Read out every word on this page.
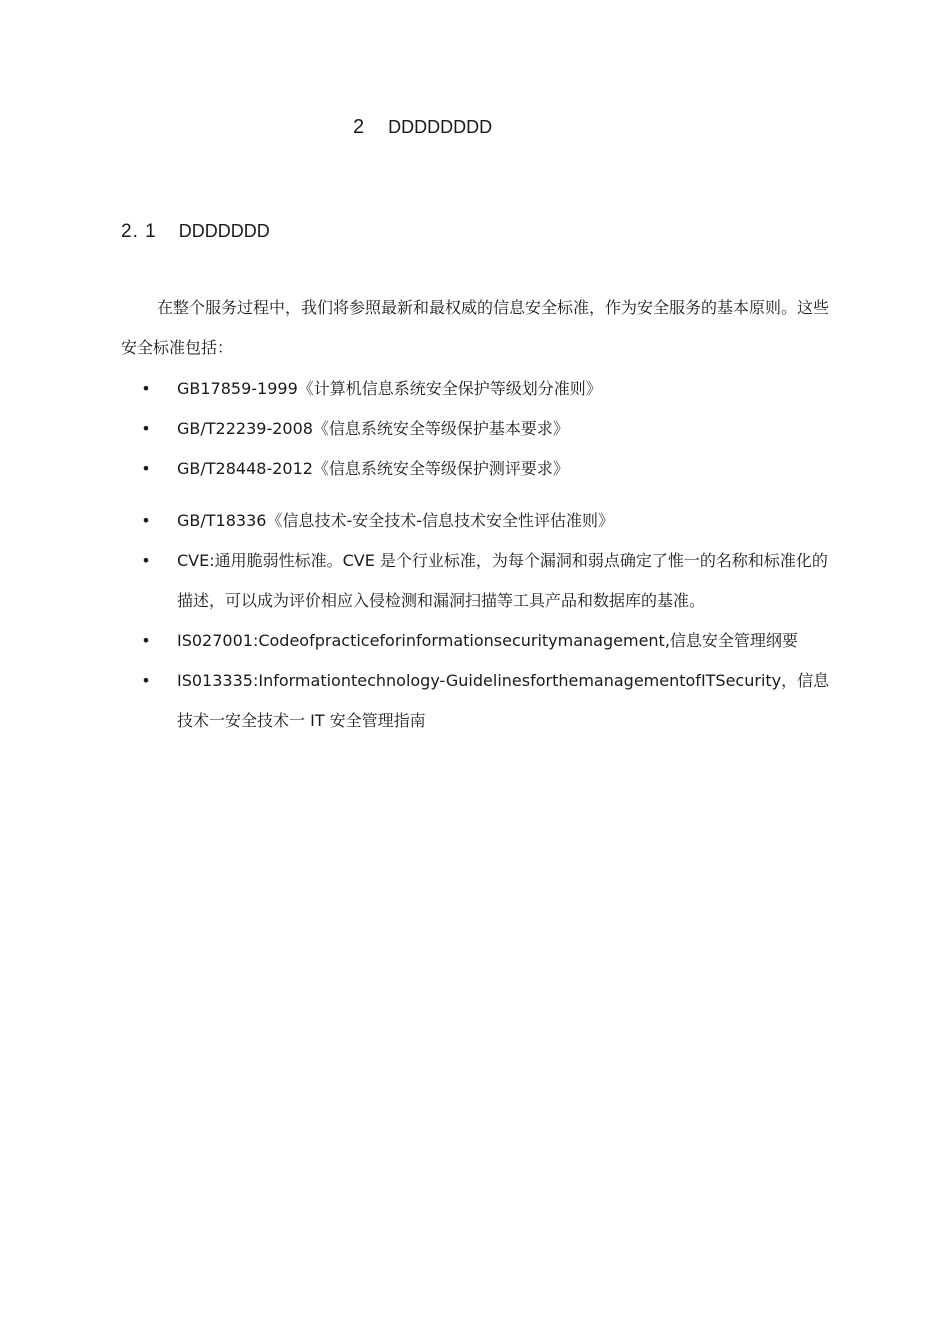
2 DDDDDDDD
2. 1 DDDDDDD

在整个服务过程中，我们将参照最新和最权威的信息安全标准，作为安全服务的基本原则。这些安全标准包括：

• GB17859-1999《计算机信息系统安全保护等级划分准则》
• GB/T22239-2008《信息系统安全等级保护基本要求》
• GB/T28448-2012《信息系统安全等级保护测评要求》
• GB/T18336《信息技术-安全技术-信息技术安全性评估准则》
• CVE:通用脆弱性标准。CVE 是个行业标准，为每个漏洞和弱点确定了惟一的名称和标准化的描述，可以成为评价相应入侵检测和漏洞扫描等工具产品和数据库的基准。
• IS027001:Codeofpracticeforinformationsecuritymanagement,信息安全管理纲要
• IS013335:Informationtechnology-GuidelinesforthemanagementofITSecurity，信息技术一安全技术一 IT 安全管理指南
